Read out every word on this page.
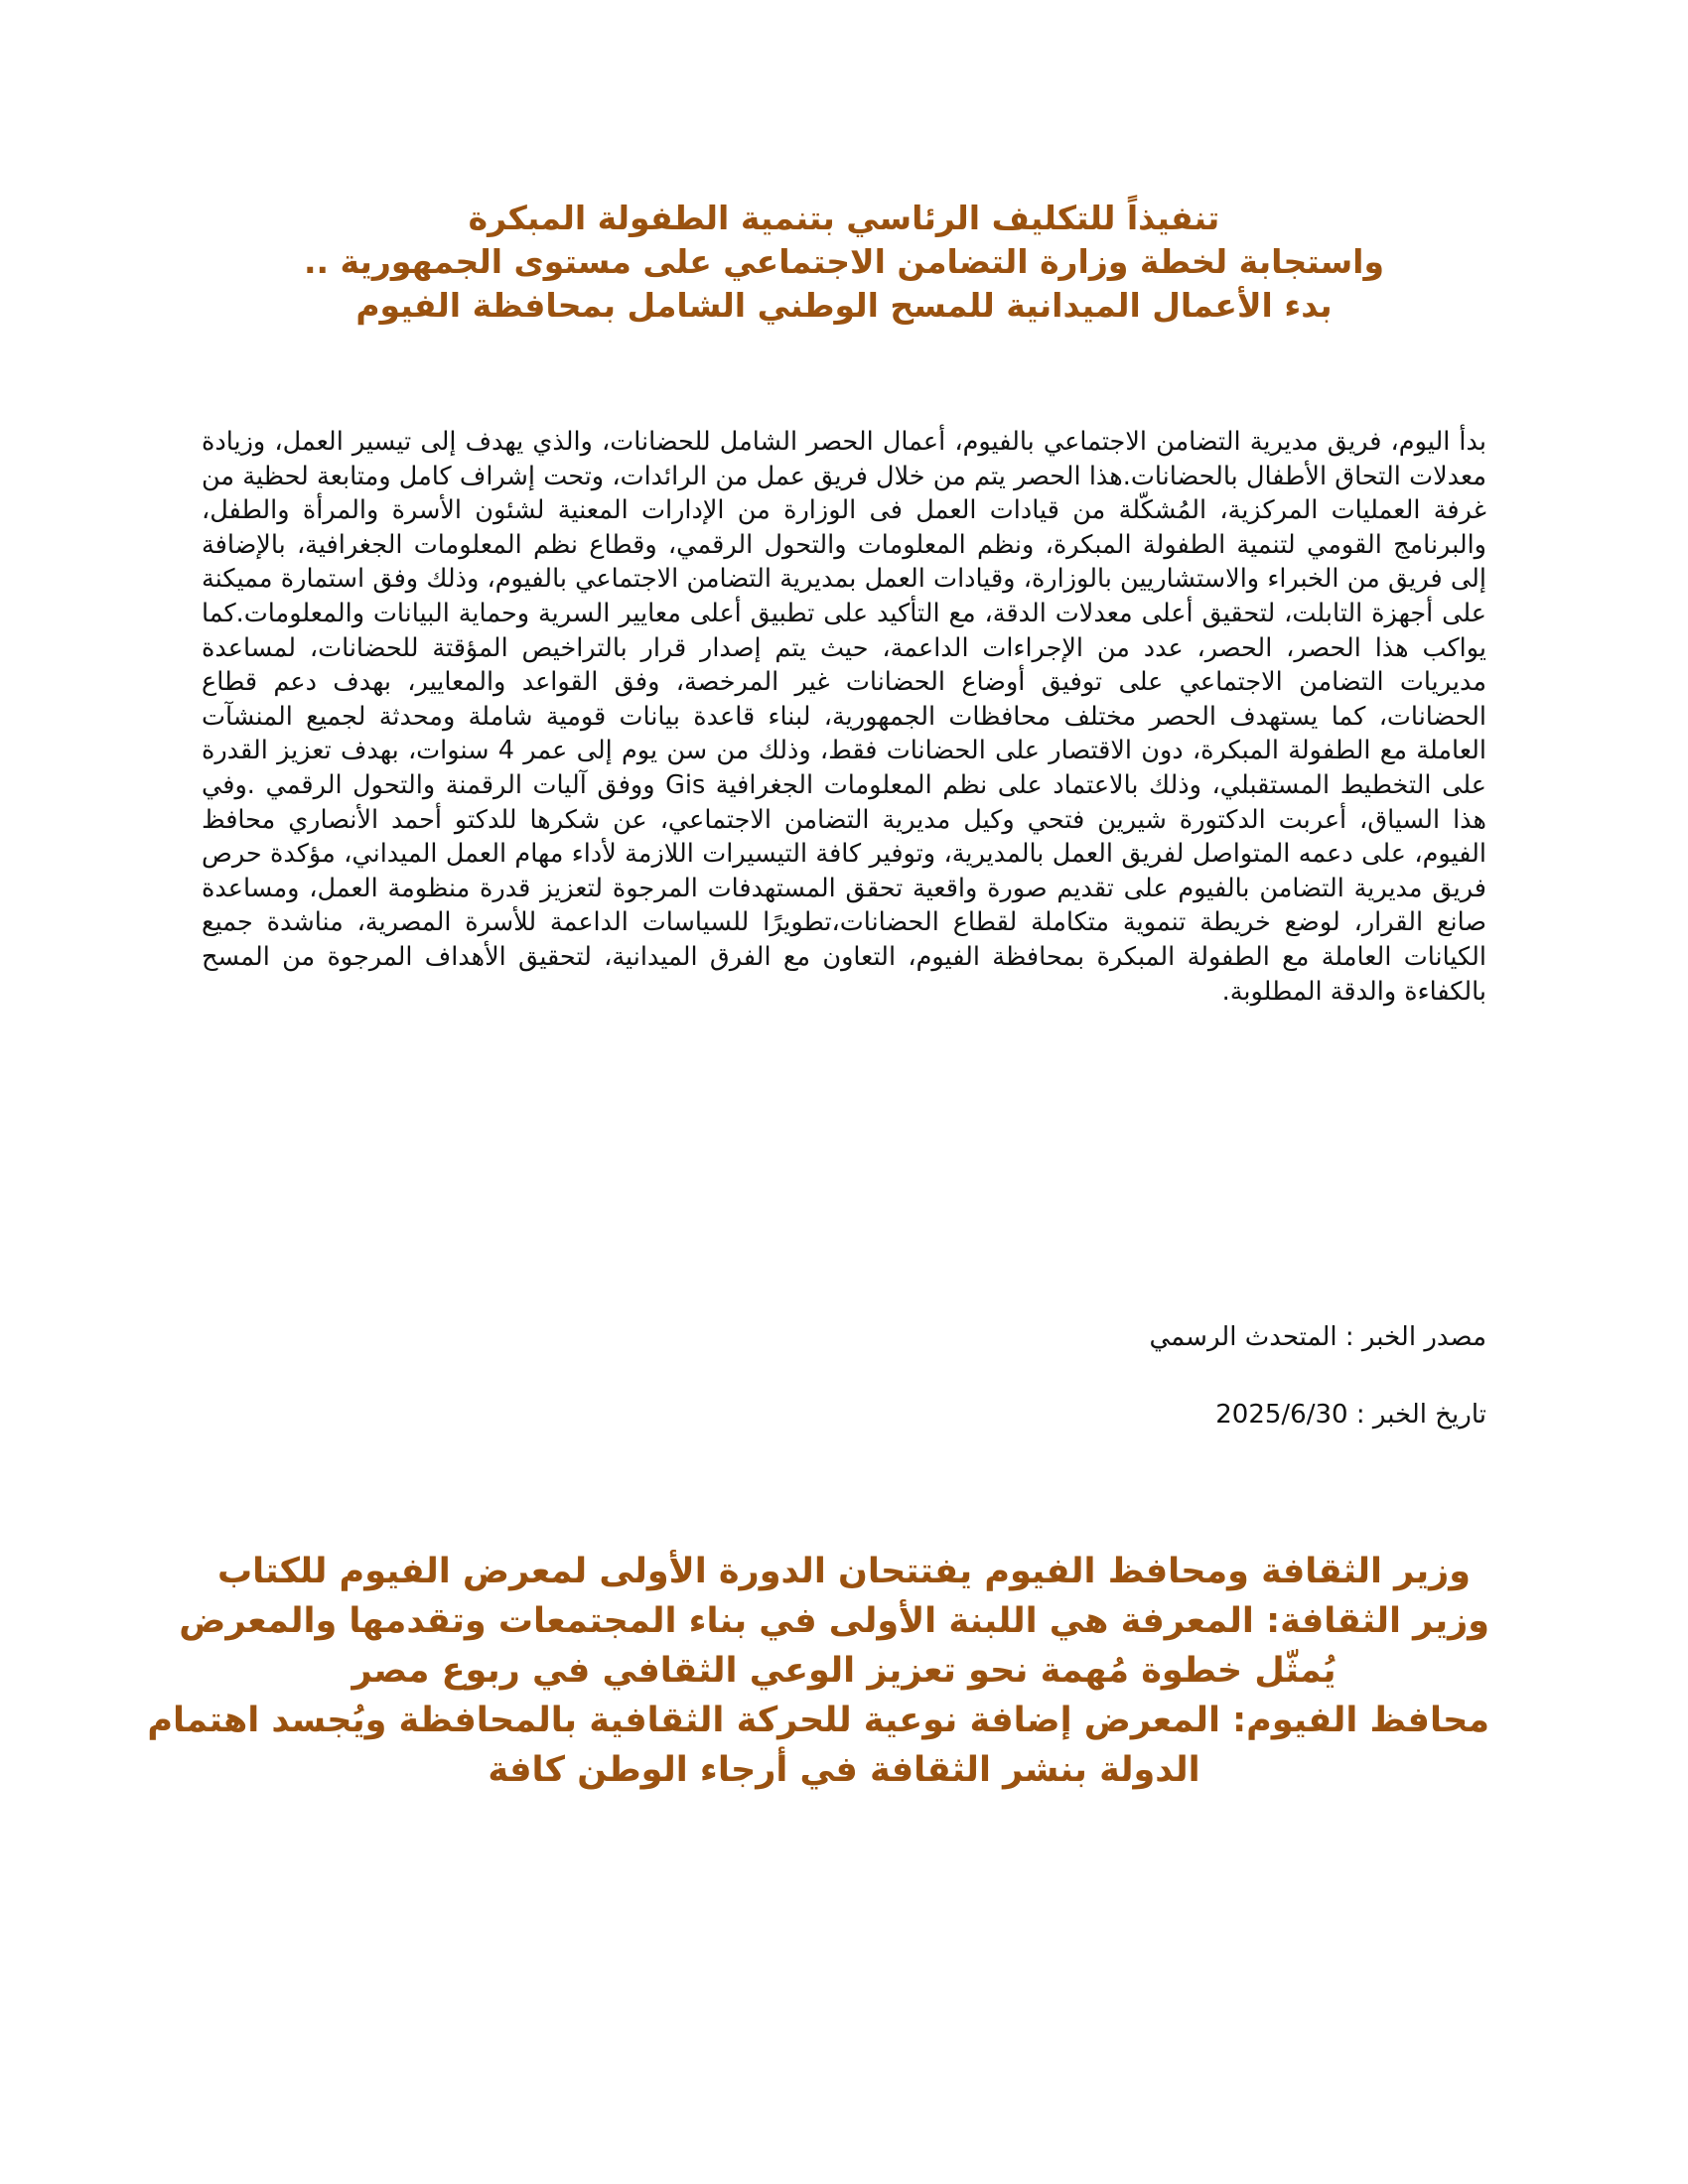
تنفيذاً للتكليف الرئاسي بتنمية الطفولة المبكرة
واستجابة لخطة وزارة التضامن الاجتماعي على مستوى الجمهورية ..
بدء الأعمال الميدانية للمسح الوطني الشامل بمحافظة الفيوم

بدأ اليوم، فريق مديرية التضامن الاجتماعي بالفيوم، أعمال الحصر الشامل للحضانات، والذي يهدف إلى تيسير العمل، وزيادة معدلات التحاق الأطفال بالحضانات.هذا الحصر يتم من خلال فريق عمل من الرائدات، وتحت إشراف كامل ومتابعة لحظية من غرفة العمليات المركزية، المُشكّلة من قيادات العمل فى الوزارة من الإدارات المعنية لشئون الأسرة والمرأة والطفل، والبرنامج القومي لتنمية الطفولة المبكرة، ونظم المعلومات والتحول الرقمي، وقطاع نظم المعلومات الجغرافية، بالإضافة إلى فريق من الخبراء والاستشاريين بالوزارة، وقيادات العمل بمديرية التضامن الاجتماعي بالفيوم، وذلك وفق استمارة مميكنة على أجهزة التابلت، لتحقيق أعلى معدلات الدقة، مع التأكيد على تطبيق أعلى معايير السرية وحماية البيانات والمعلومات.كما يواكب هذا الحصر، الحصر، عدد من الإجراءات الداعمة، حيث يتم إصدار قرار بالتراخيص المؤقتة للحضانات، لمساعدة مديريات التضامن الاجتماعي على توفيق أوضاع الحضانات غير المرخصة، وفق القواعد والمعايير، بهدف دعم قطاع الحضانات، كما يستهدف الحصر مختلف محافظات الجمهورية، لبناء قاعدة بيانات قومية شاملة ومحدثة لجميع المنشآت العاملة مع الطفولة المبكرة، دون الاقتصار على الحضانات فقط، وذلك من سن يوم إلى عمر 4 سنوات، بهدف تعزيز القدرة على التخطيط المستقبلي، وذلك بالاعتماد على نظم المعلومات الجغرافية Gis ووفق آليات الرقمنة والتحول الرقمي .وفي هذا السياق، أعربت الدكتورة شيرين فتحي وكيل مديرية التضامن الاجتماعي، عن شكرها للدكتو أحمد الأنصاري محافظ الفيوم، على دعمه المتواصل لفريق العمل بالمديرية، وتوفير كافة التيسيرات اللازمة لأداء مهام العمل الميداني، مؤكدة حرص فريق مديرية التضامن بالفيوم على تقديم صورة واقعية تحقق المستهدفات المرجوة لتعزيز قدرة منظومة العمل، ومساعدة صانع القرار، لوضع خريطة تنموية متكاملة لقطاع الحضانات،تطويرًا للسياسات الداعمة للأسرة المصرية، مناشدة جميع الكيانات العاملة مع الطفولة المبكرة بمحافظة الفيوم، التعاون مع الفرق الميدانية، لتحقيق الأهداف المرجوة من المسح بالكفاءة والدقة المطلوبة.

مصدر الخبر : المتحدث الرسمي

تاريخ الخبر : 2025/6/30

وزير الثقافة ومحافظ الفيوم يفتتحان الدورة الأولى لمعرض الفيوم للكتاب
وزير الثقافة: المعرفة هي اللبنة الأولى في بناء المجتمعات وتقدمها والمعرض
يُمثّل خطوة مُهمة نحو تعزيز الوعي الثقافي في ربوع مصر
محافظ الفيوم: المعرض إضافة نوعية للحركة الثقافية بالمحافظة ويُجسد اهتمام
الدولة بنشر الثقافة في أرجاء الوطن كافة
